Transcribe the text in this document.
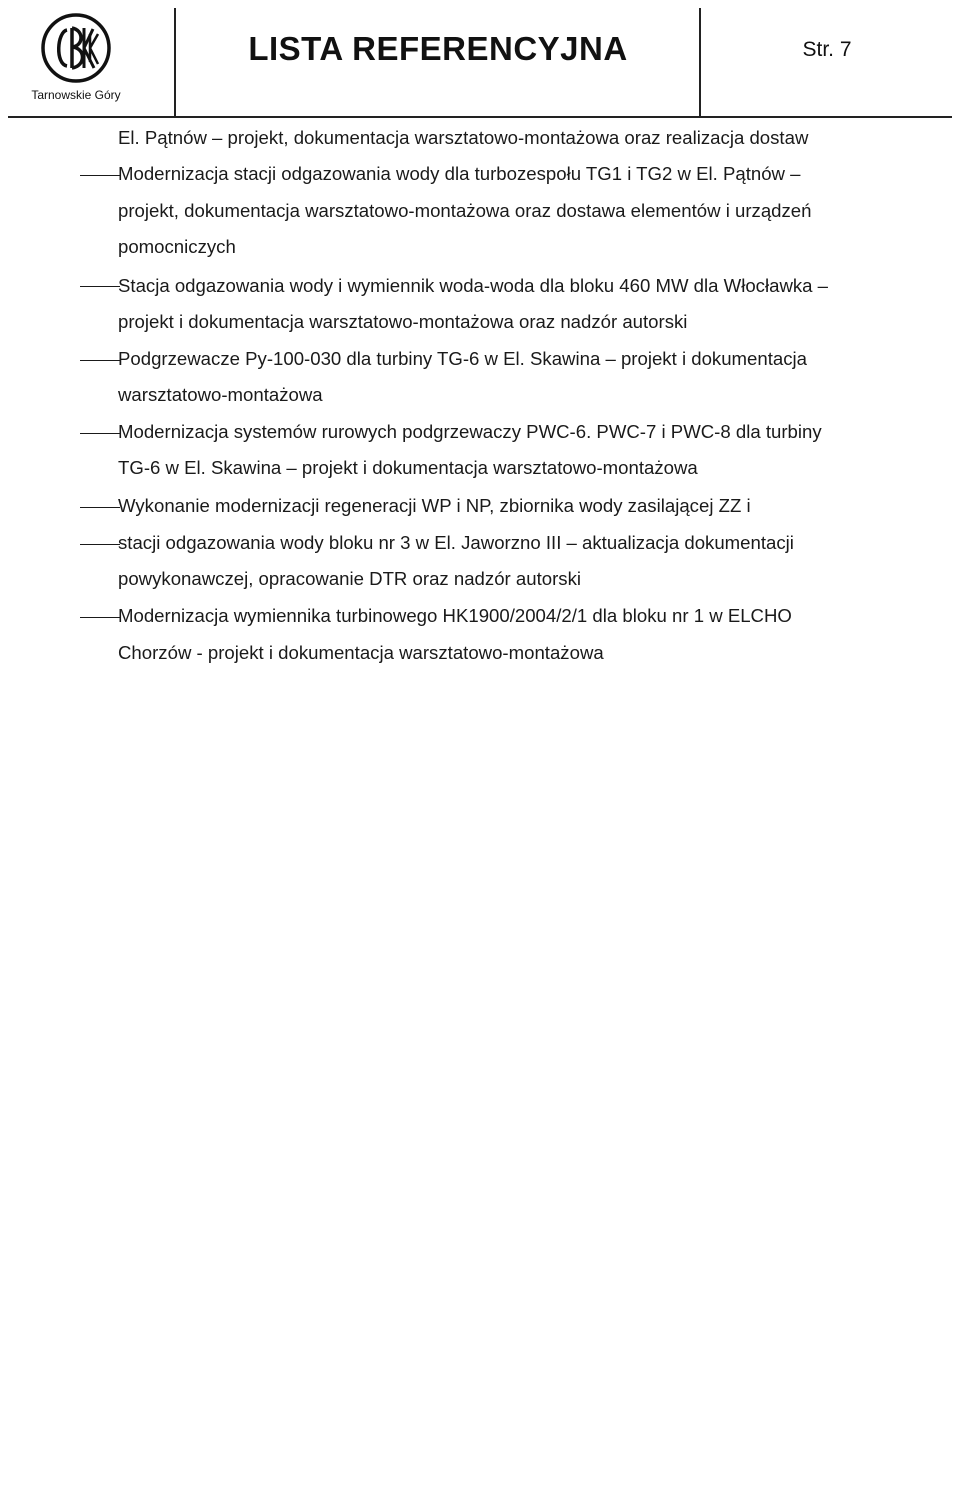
Tarnowskie Góry
LISTA REFERENCYJNA	Str. 7
El. Pątnów – projekt, dokumentacja warsztatowo-montażowa oraz realizacja dostaw
Modernizacja stacji odgazowania wody dla turbozespołu TG1 i TG2 w El. Pątnów –
projekt, dokumentacja warsztatowo-montażowa oraz dostawa elementów i urządzeń
pomocniczych
Stacja odgazowania wody i wymiennik woda-woda dla bloku 460 MW dla Włocławka –
projekt i dokumentacja warsztatowo-montażowa oraz nadzór autorski
Podgrzewacze Py-100-030 dla turbiny TG-6 w El. Skawina – projekt i dokumentacja
warsztatowo-montażowa
Modernizacja systemów rurowych podgrzewaczy PWC-6. PWC-7 i PWC-8 dla turbiny
TG-6 w El. Skawina – projekt i dokumentacja warsztatowo-montażowa
Wykonanie modernizacji regeneracji WP i NP, zbiornika wody zasilającej ZZ i
stacji odgazowania wody bloku nr 3 w El. Jaworzno III – aktualizacja dokumentacji
powykonawczej, opracowanie DTR oraz nadzór autorski
Modernizacja wymiennika turbinowego HK1900/2004/2/1 dla bloku nr 1 w ELCHO
Chorzów - projekt i dokumentacja warsztatowo-montażowa
